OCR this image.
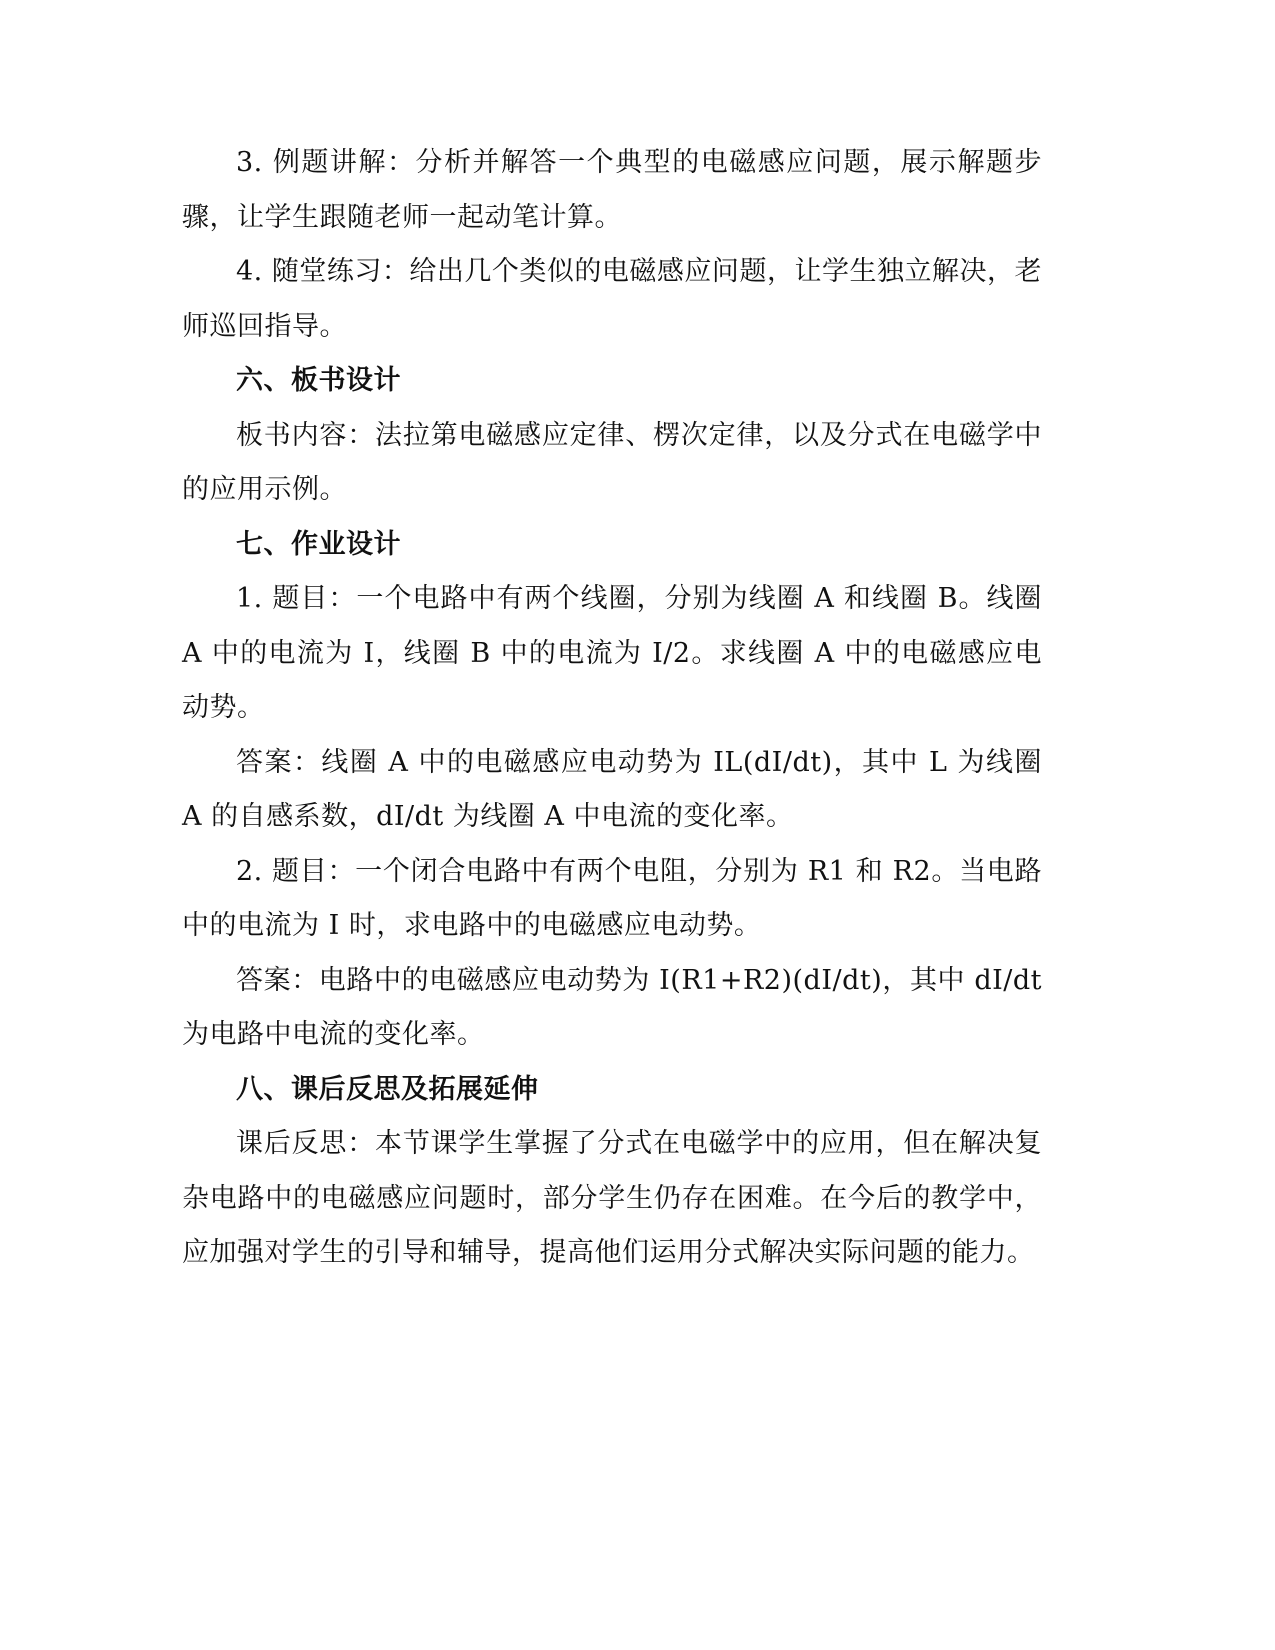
3. 例题讲解：分析并解答一个典型的电磁感应问题，展示解题步骤，让学生跟随老师一起动笔计算。

4. 随堂练习：给出几个类似的电磁感应问题，让学生独立解决，老师巡回指导。

六、板书设计

板书内容：法拉第电磁感应定律、楞次定律，以及分式在电磁学中的应用示例。

七、作业设计

1. 题目：一个电路中有两个线圈，分别为线圈 A 和线圈 B。线圈 A 中的电流为 I，线圈 B 中的电流为 I/2。求线圈 A 中的电磁感应电动势。

答案：线圈 A 中的电磁感应电动势为 IL(dI/dt)，其中 L 为线圈 A 的自感系数，dI/dt 为线圈 A 中电流的变化率。

2. 题目：一个闭合电路中有两个电阻，分别为 R1 和 R2。当电路中的电流为 I 时，求电路中的电磁感应电动势。

答案：电路中的电磁感应电动势为 I(R1+R2)(dI/dt)，其中 dI/dt 为电路中电流的变化率。

八、课后反思及拓展延伸

课后反思：本节课学生掌握了分式在电磁学中的应用，但在解决复杂电路中的电磁感应问题时，部分学生仍存在困难。在今后的教学中，应加强对学生的引导和辅导，提高他们运用分式解决实际问题的能力。
